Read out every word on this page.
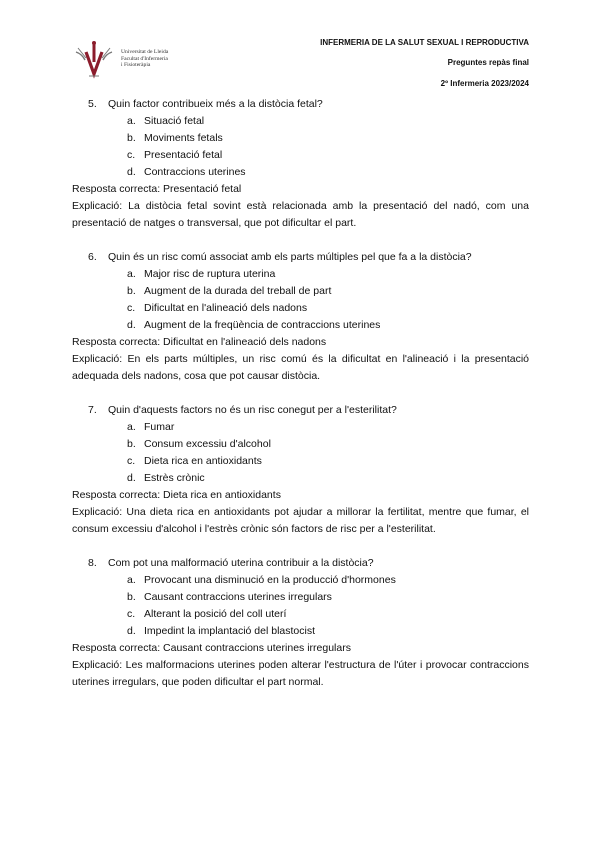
Universitat de Lleida
Facultat d'Infermeria
i Fisioteràpia
INFERMERIA DE LA SALUT SEXUAL I REPRODUCTIVA
Preguntes repàs final
2º Infermeria 2023/2024
5. Quin factor contribueix més a la distòcia fetal?
a. Situació fetal
b. Moviments fetals
c. Presentació fetal
d. Contraccions uterines
Resposta correcta: Presentació fetal
Explicació: La distòcia fetal sovint està relacionada amb la presentació del nadó, com una presentació de natges o transversal, que pot dificultar el part.
6. Quin és un risc comú associat amb els parts múltiples pel que fa a la distòcia?
a. Major risc de ruptura uterina
b. Augment de la durada del treball de part
c. Dificultat en l'alineació dels nadons
d. Augment de la freqüència de contraccions uterines
Resposta correcta: Dificultat en l'alineació dels nadons
Explicació: En els parts múltiples, un risc comú és la dificultat en l'alineació i la presentació adequada dels nadons, cosa que pot causar distòcia.
7. Quin d'aquests factors no és un risc conegut per a l'esterilitat?
a. Fumar
b. Consum excessiu d'alcohol
c. Dieta rica en antioxidants
d. Estrès crònic
Resposta correcta: Dieta rica en antioxidants
Explicació: Una dieta rica en antioxidants pot ajudar a millorar la fertilitat, mentre que fumar, el consum excessiu d'alcohol i l'estrès crònic són factors de risc per a l'esterilitat.
8. Com pot una malformació uterina contribuir a la distòcia?
a. Provocant una disminució en la producció d'hormones
b. Causant contraccions uterines irregulars
c. Alterant la posició del coll uterí
d. Impedint la implantació del blastocist
Resposta correcta: Causant contraccions uterines irregulars
Explicació: Les malformacions uterines poden alterar l'estructura de l'úter i provocar contraccions uterines irregulars, que poden dificultar el part normal.
